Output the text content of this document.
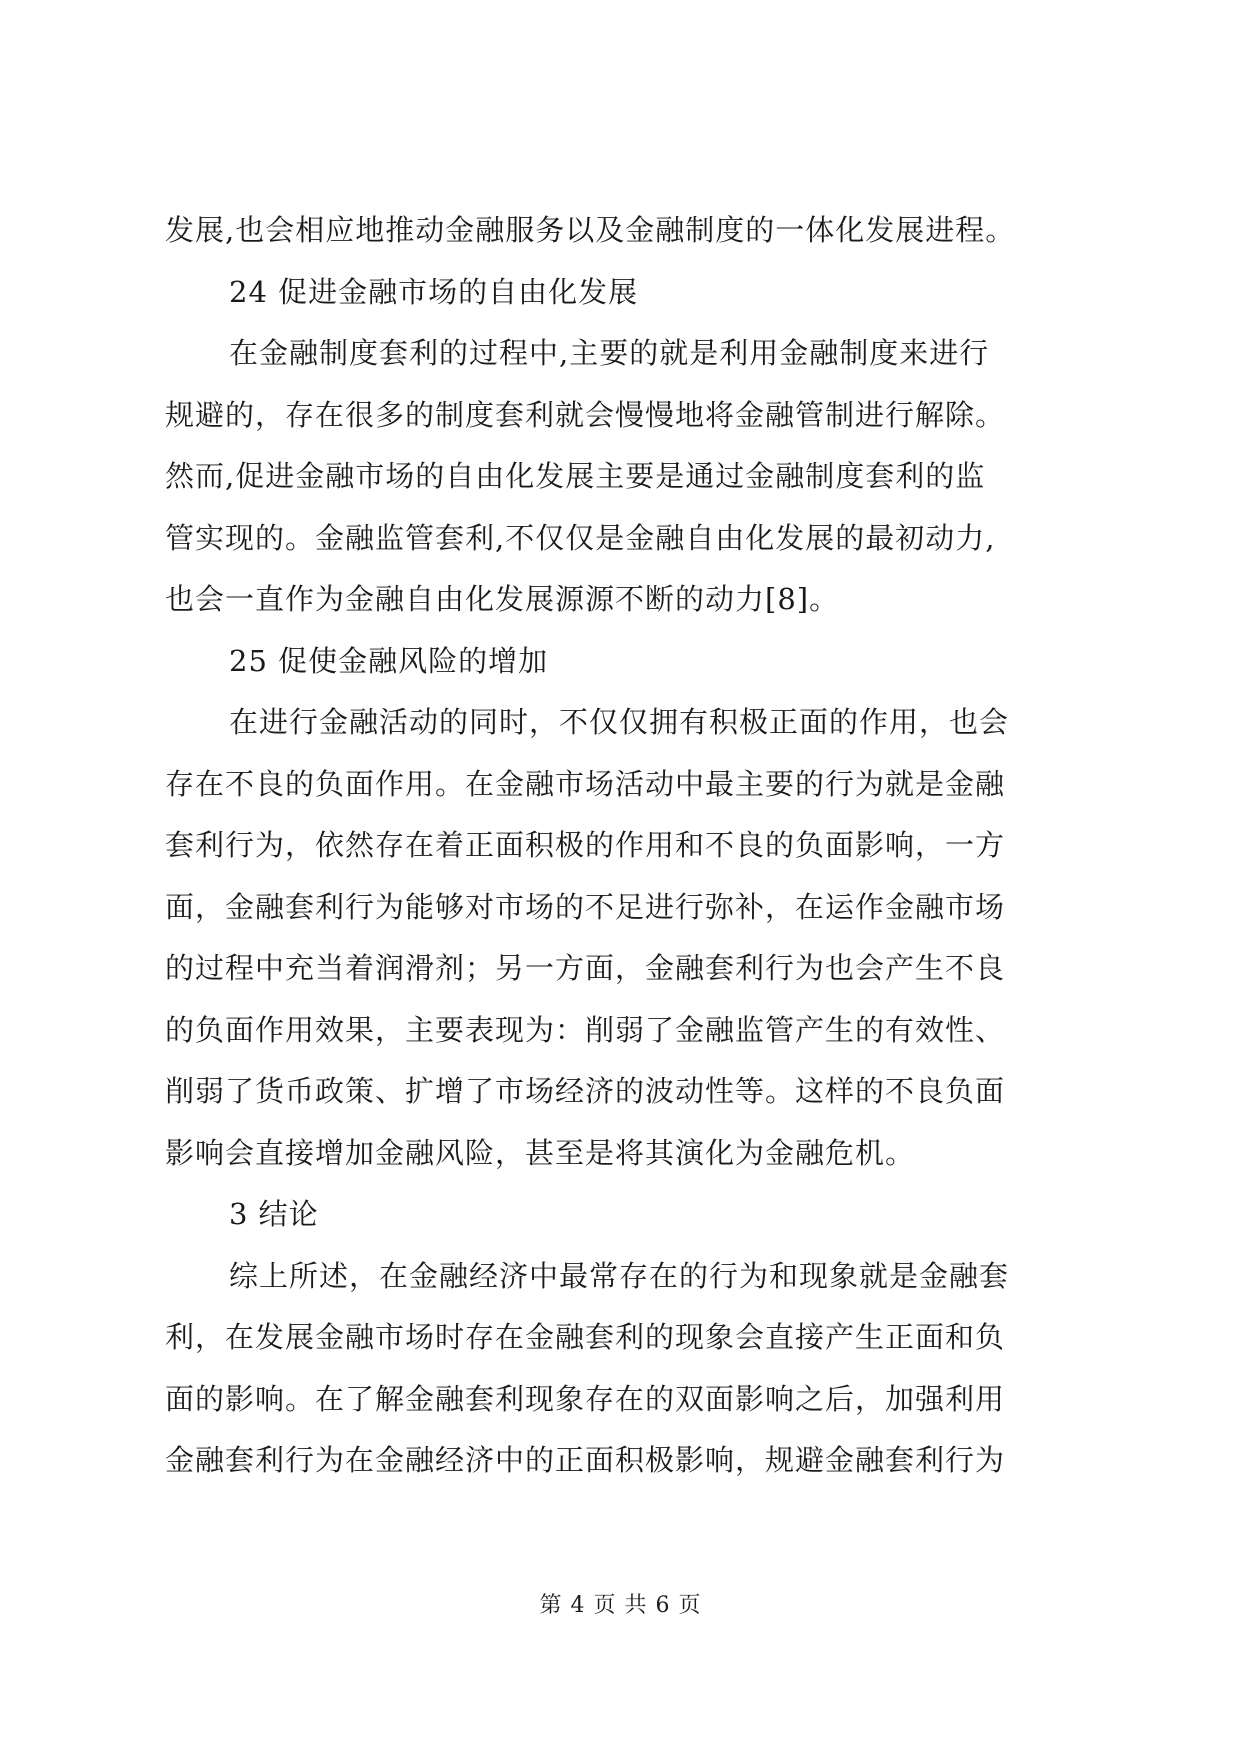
发展,也会相应地推动金融服务以及金融制度的一体化发展进程。
24 促进金融市场的自由化发展
在金融制度套利的过程中,主要的就是利用金融制度来进行
规避的，存在很多的制度套利就会慢慢地将金融管制进行解除。
然而,促进金融市场的自由化发展主要是通过金融制度套利的监
管实现的。金融监管套利,不仅仅是金融自由化发展的最初动力,
也会一直作为金融自由化发展源源不断的动力[8]。
25 促使金融风险的增加
在进行金融活动的同时，不仅仅拥有积极正面的作用，也会
存在不良的负面作用。在金融市场活动中最主要的行为就是金融
套利行为，依然存在着正面积极的作用和不良的负面影响，一方
面，金融套利行为能够对市场的不足进行弥补，在运作金融市场
的过程中充当着润滑剂；另一方面，金融套利行为也会产生不良
的负面作用效果，主要表现为：削弱了金融监管产生的有效性、
削弱了货币政策、扩增了市场经济的波动性等。这样的不良负面
影响会直接增加金融风险，甚至是将其演化为金融危机。
3 结论
综上所述，在金融经济中最常存在的行为和现象就是金融套
利，在发展金融市场时存在金融套利的现象会直接产生正面和负
面的影响。在了解金融套利现象存在的双面影响之后，加强利用
金融套利行为在金融经济中的正面积极影响，规避金融套利行为
第 4 页 共 6 页
